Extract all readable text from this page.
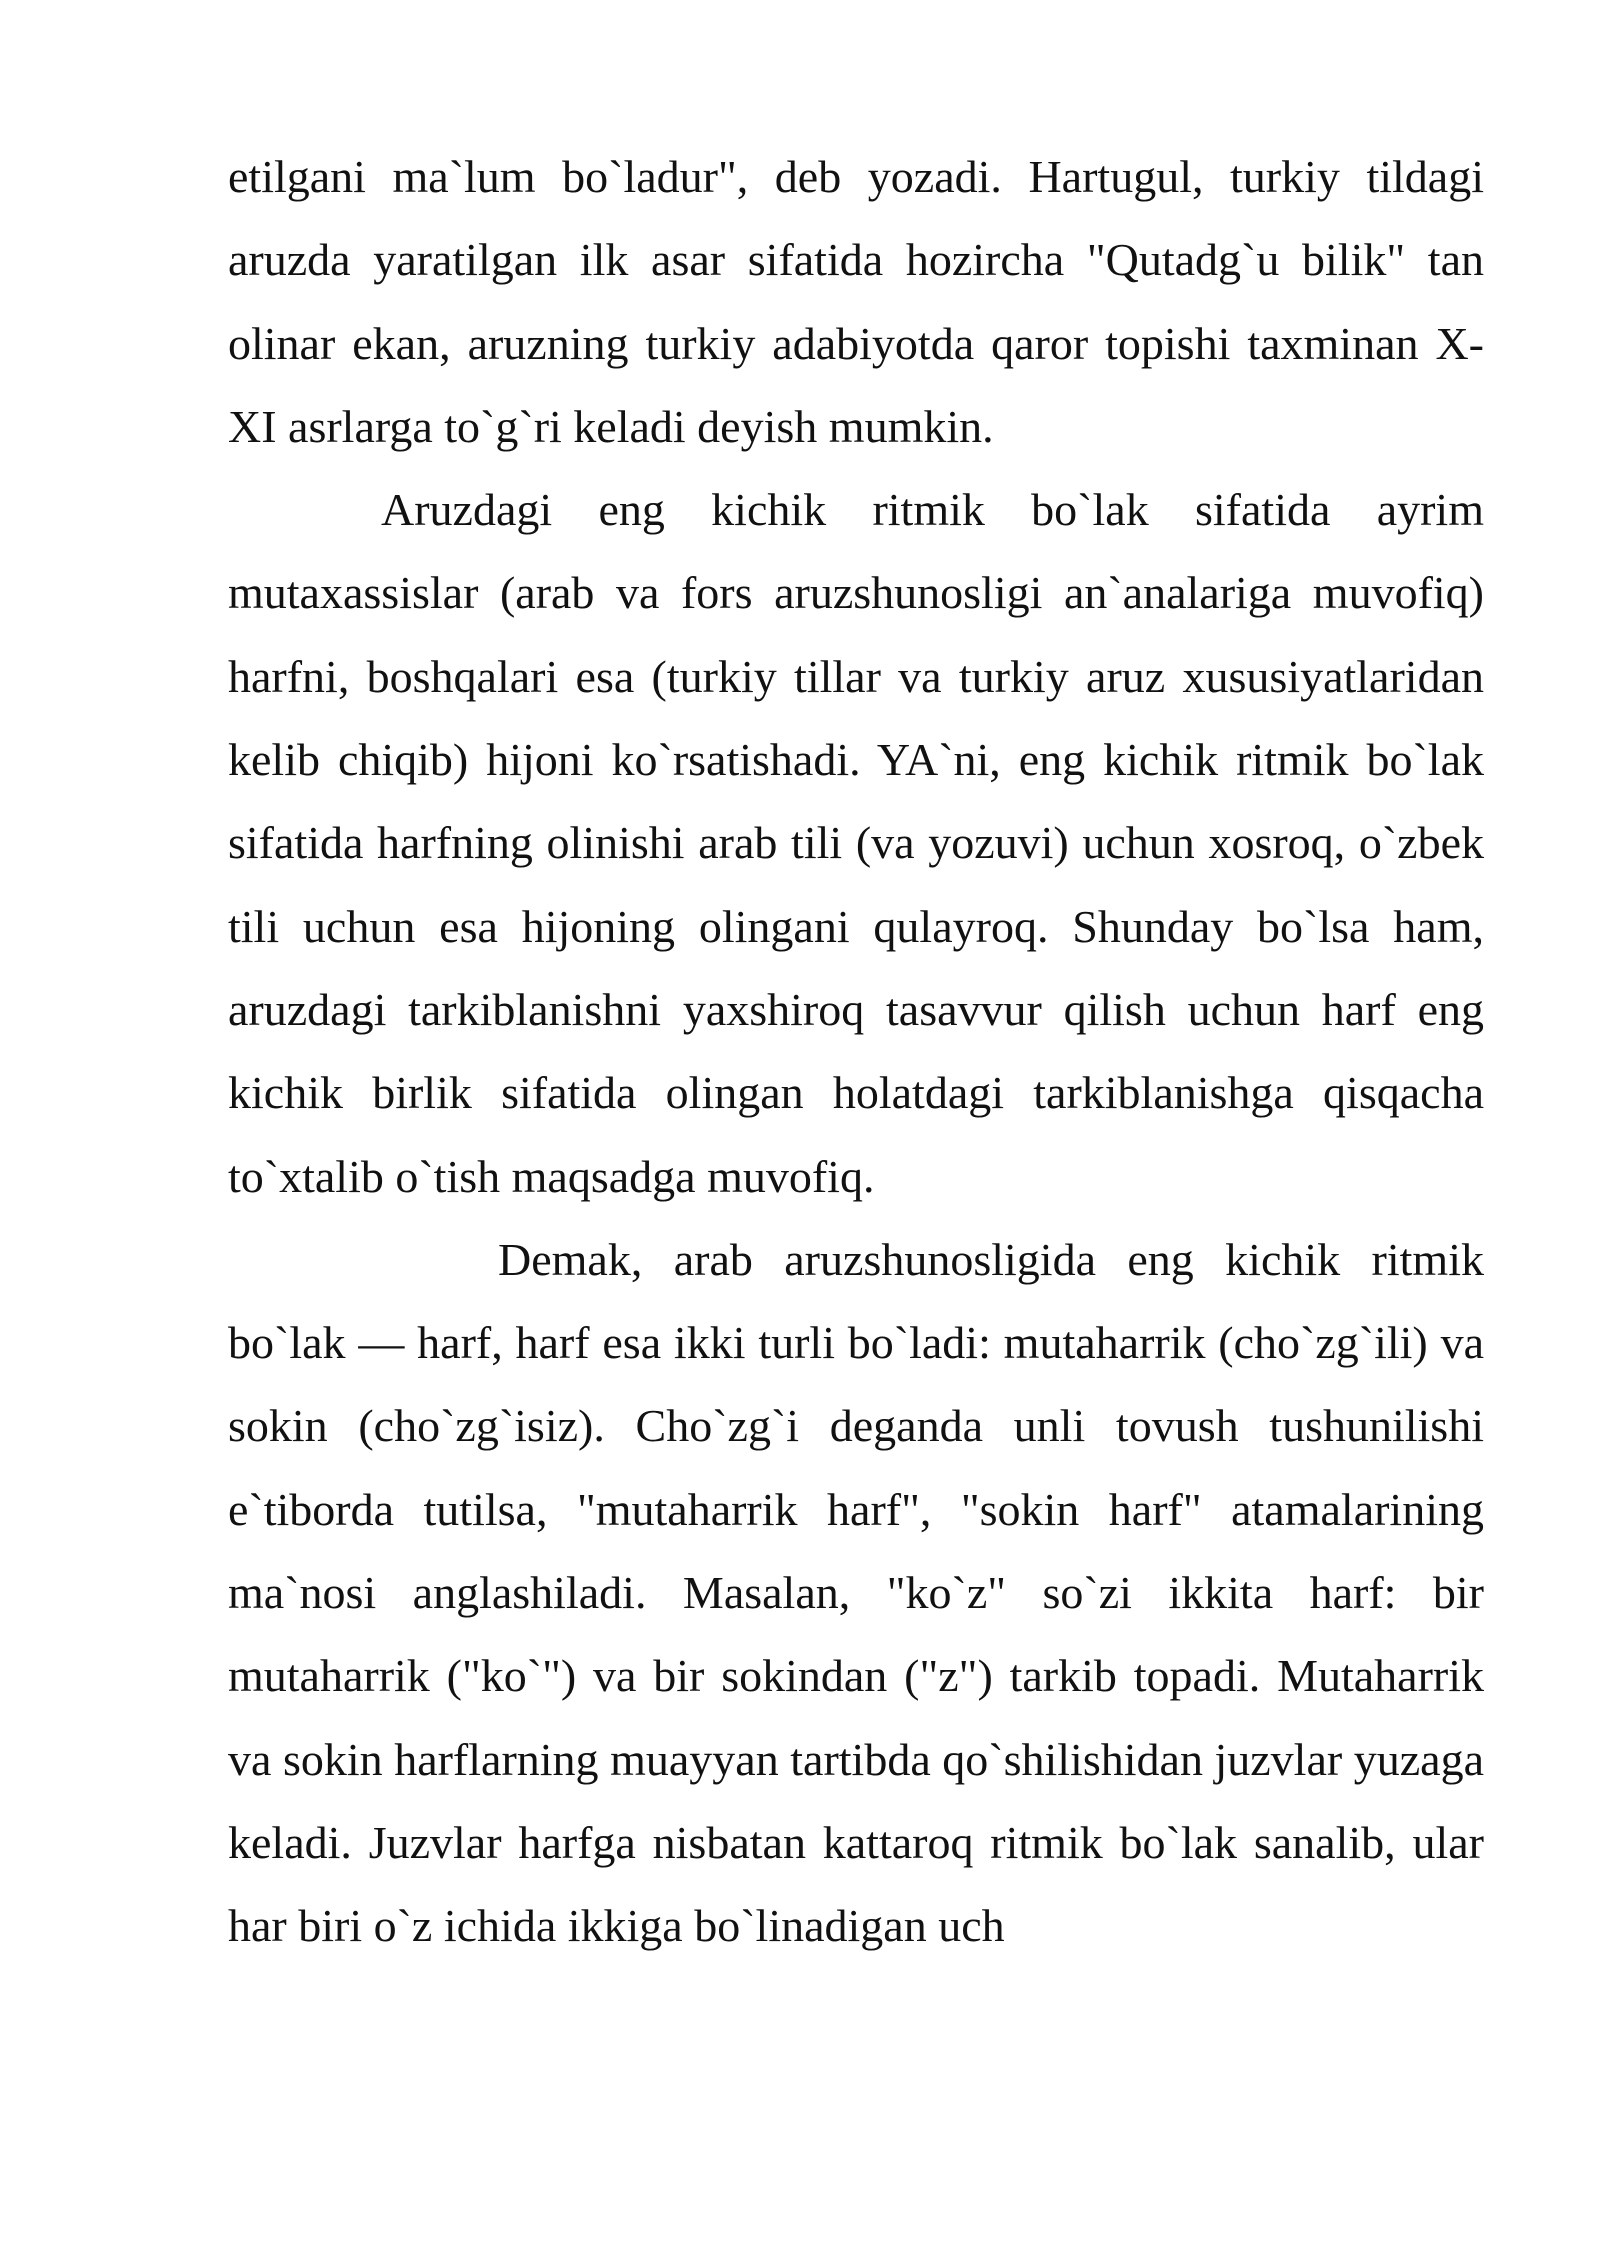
etilgani ma`lum bo`ladur", deb yozadi. Hartugul, turkiy tildagi aruzda yaratilgan ilk asar sifatida hozircha "Qutadg`u bilik" tan olinar ekan, aruzning turkiy adabiyotda qaror topishi taxminan X-XI asrlarga to`g`ri keladi deyish mumkin.

Aruzdagi eng kichik ritmik bo`lak sifatida ayrim mutaxassislar (arab va fors aruzshunosligi an`analariga muvofiq) harfni, boshqalari esa (turkiy tillar va turkiy aruz xususiyatlaridan kelib chiqib) hijoni ko`rsatishadi. YA`ni, eng kichik ritmik bo`lak sifatida harfning olinishi arab tili (va yozuvi) uchun xosroq, o`zbek tili uchun esa hijoning olingani qulayroq. Shunday bo`lsa ham, aruzdagi tarkiblanishni yaxshiroq tasavvur qilish uchun harf eng kichik birlik sifatida olingan holatdagi tarkiblanishga qisqacha to`xtalib o`tish maqsadga muvofiq.

Demak, arab aruzshunosligida eng kichik ritmik bo`lak — harf, harf esa ikki turli bo`ladi: mutaharrik (cho`zg`ili) va sokin (cho`zg`isiz). Cho`zg`i deganda unli tovush tushunilishi e`tiborda tutilsa, "mutaharrik harf", "sokin harf" atamalarining ma`nosi anglashiladi. Masalan, "ko`z" so`zi ikkita harf: bir mutaharrik ("ko`") va bir sokindan ("z") tarkib topadi. Mutaharrik va sokin harflarning muayyan tartibda qo`shilishidan juzvlar yuzaga keladi. Juzvlar harfga nisbatan kattaroq ritmik bo`lak sanalib, ular har biri o`z ichida ikkiga bo`linadigan uch
